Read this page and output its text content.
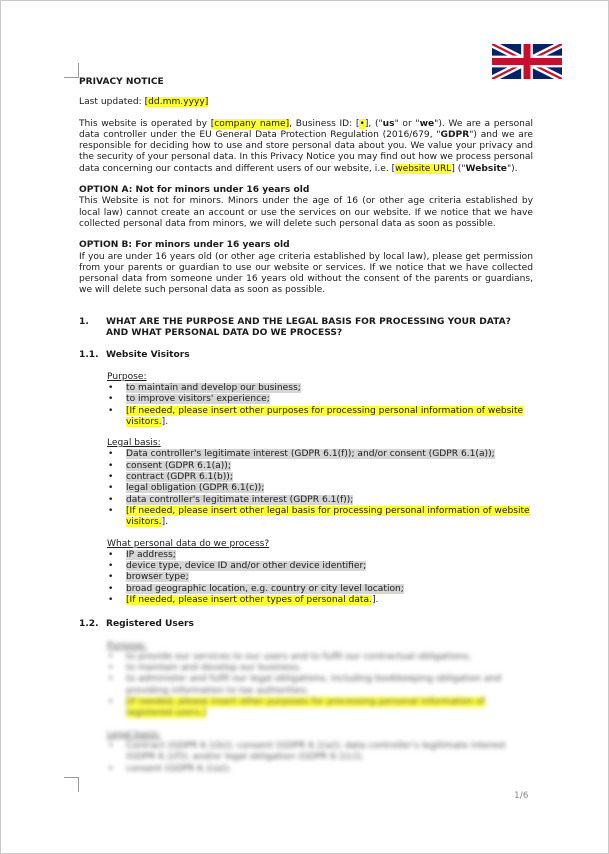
PRIVACY NOTICE

Last updated: [dd.mm.yyyy]

This website is operated by [company name], Business ID: [•], ("us" or "we"). We are a personal data controller under the EU General Data Protection Regulation (2016/679, "GDPR") and we are responsible for deciding how to use and store personal data about you. We value your privacy and the security of your personal data. In this Privacy Notice you may find out how we process personal data concerning our contacts and different users of our website, i.e. [website URL] ("Website").

OPTION A: Not for minors under 16 years old

This Website is not for minors. Minors under the age of 16 (or other age criteria established by local law) cannot create an account or use the services on our website. If we notice that we have collected personal data from minors, we will delete such personal data as soon as possible.

OPTION B: For minors under 16 years old

If you are under 16 years old (or other age criteria established by local law), please get permission from your parents or guardian to use our website or services. If we notice that we have collected personal data from someone under 16 years old without the consent of the parents or guardians, we will delete such personal data as soon as possible.

1.	WHAT ARE THE PURPOSE AND THE LEGAL BASIS FOR PROCESSING YOUR DATA? AND WHAT PERSONAL DATA DO WE PROCESS?
1.1. Website Visitors

Purpose:

•	to maintain and develop our business;
•	to improve visitors' experience;
•	[If needed, please insert other purposes for processing personal information of website visitors.].

Legal basis:

•	Data controller's legitimate interest (GDPR 6.1(f)); and/or consent (GDPR 6.1(a));
•	consent (GDPR 6.1(a));
•	contract (GDPR 6.1(b));
•	legal obligation (GDPR 6.1(c));
•	data controller's legitimate interest (GDPR 6.1(f));
•	[If needed, please insert other legal basis for processing personal information of website visitors.].

What personal data do we process?

•	IP address;
•	device type, device ID and/or other device identifier;
•	browser type;
•	broad geographic location, e.g. country or city level location;
•	[If needed, please insert other types of personal data.].
1.2. Registered Users

Purpose:

•	to provide our services to our users and to fulfil our contractual obligations;
•	to maintain and develop our business;
•	to administer and fulfil our legal obligations, including bookkeeping obligation and providing information to tax authorities;
•	[If needed, please insert other purposes for processing personal information of registered users.]

Legal basis:

•	Contract (GDPR 6.1(b)); consent (GDPR 6.1(a)); data controller's legitimate interest (GDPR 6.1(f)); and/or legal obligation (GDPR 6.1(c));
•	consent (GDPR 6.1(a));
1/6
